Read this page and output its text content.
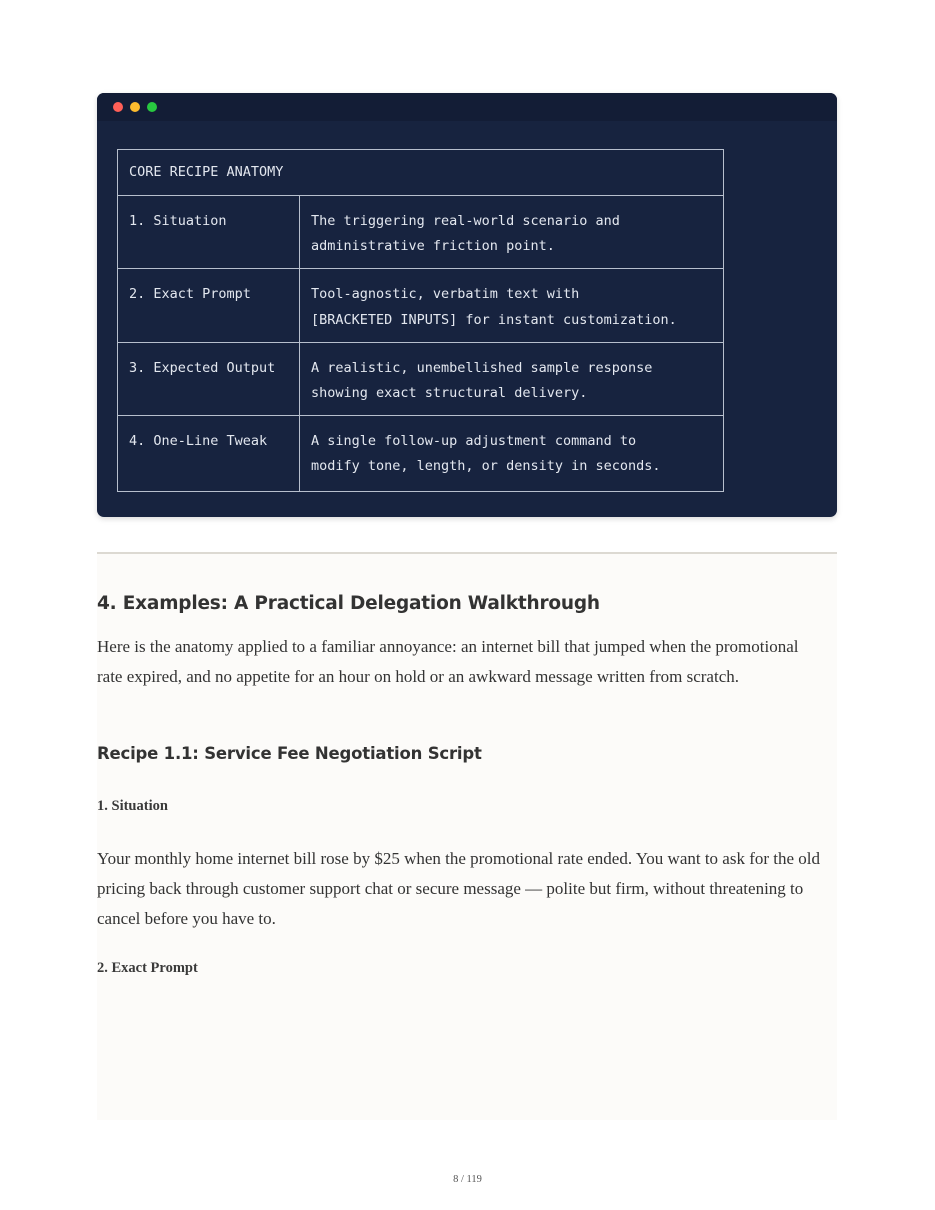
CORE RECIPE ANATOMY
1. Situation	The triggering real-world scenario and
administrative friction point.
2. Exact Prompt	Tool-agnostic, verbatim text with
[BRACKETED INPUTS] for instant customization.
3. Expected Output	A realistic, unembellished sample response
showing exact structural delivery.
4. One-Line Tweak	A single follow-up adjustment command to
modify tone, length, or density in seconds.
4. Examples: A Practical Delegation Walkthrough

Here is the anatomy applied to a familiar annoyance: an internet bill that jumped when the promotional rate expired, and no appetite for an hour on hold or an awkward message written from scratch.

Recipe 1.1: Service Fee Negotiation Script
1. Situation

Your monthly home internet bill rose by $25 when the promotional rate ended. You want to ask for the old pricing back through customer support chat or secure message — polite but firm, without threatening to cancel before you have to.

2. Exact Prompt
8 / 119
